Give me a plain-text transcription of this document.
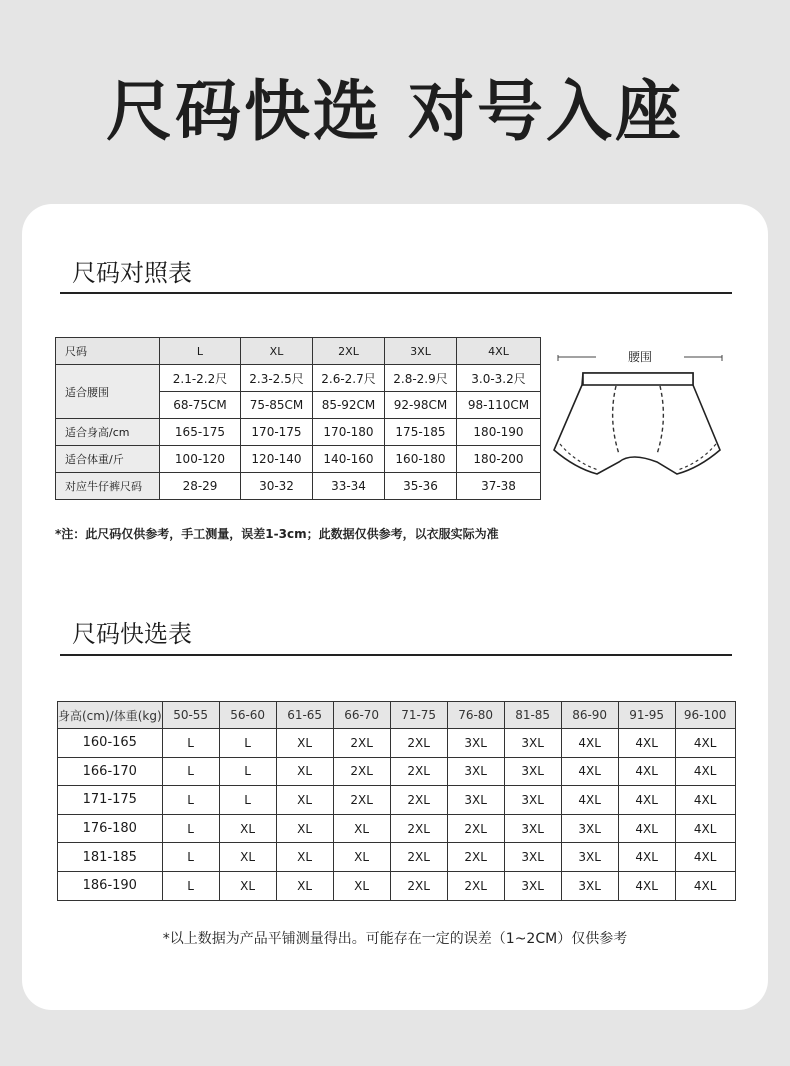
尺码快选 对号入座
尺码对照表
尺码	L	XL	2XL	3XL	4XL
适合腰围	2.1-2.2尺	2.3-2.5尺	2.6-2.7尺	2.8-2.9尺	3.0-3.2尺
	68-75CM	75-85CM	85-92CM	92-98CM	98-110CM
适合身高/cm	165-175	170-175	170-180	175-185	180-190
适合体重/斤	100-120	120-140	140-160	160-180	180-200
对应牛仔裤尺码	28-29	30-32	33-34	35-36	37-38
腰围
*注：此尺码仅供参考，手工测量，误差1-3cm；此数据仅供参考，以衣服实际为准
尺码快选表
身高(cm)/体重(kg)	50-55	56-60	61-65	66-70	71-75	76-80	81-85	86-90	91-95	96-100
160-165	L	L	XL	2XL	2XL	3XL	3XL	4XL	4XL	4XL
166-170	L	L	XL	2XL	2XL	3XL	3XL	4XL	4XL	4XL
171-175	L	L	XL	2XL	2XL	3XL	3XL	4XL	4XL	4XL
176-180	L	XL	XL	XL	2XL	2XL	3XL	3XL	4XL	4XL
181-185	L	XL	XL	XL	2XL	2XL	3XL	3XL	4XL	4XL
186-190	L	XL	XL	XL	2XL	2XL	3XL	3XL	4XL	4XL
*以上数据为产品平铺测量得出。可能存在一定的误差（1~2CM）仅供参考
